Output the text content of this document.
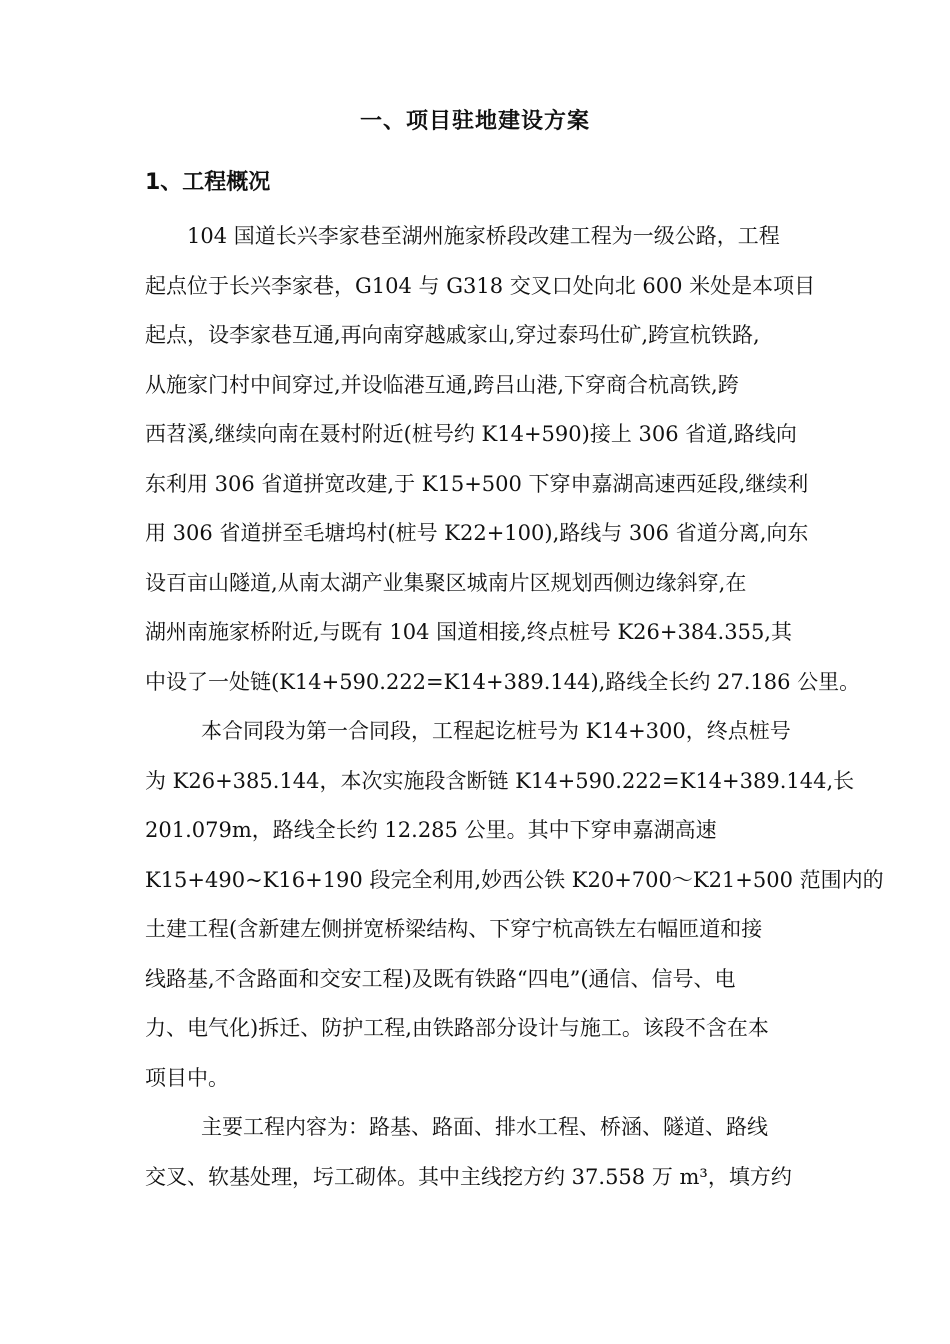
一、项目驻地建设方案
1、工程概况
104 国道长兴李家巷至湖州施家桥段改建工程为一级公路，工程
起点位于长兴李家巷，G104 与 G318 交叉口处向北 600 米处是本项目
起点，设李家巷互通,再向南穿越戚家山,穿过泰玛仕矿,跨宣杭铁路,
从施家门村中间穿过,并设临港互通,跨吕山港,下穿商合杭高铁,跨
西苕溪,继续向南在聂村附近(桩号约 K14+590)接上 306 省道,路线向
东利用 306 省道拼宽改建,于 K15+500 下穿申嘉湖高速西延段,继续利
用 306 省道拼至毛塘坞村(桩号 K22+100),路线与 306 省道分离,向东
设百亩山隧道,从南太湖产业集聚区城南片区规划西侧边缘斜穿,在
湖州南施家桥附近,与既有 104 国道相接,终点桩号 K26+384.355,其
中设了一处链(K14+590.222=K14+389.144),路线全长约 27.186 公里。
本合同段为第一合同段，工程起讫桩号为 K14+300，终点桩号
为 K26+385.144，本次实施段含断链 K14+590.222=K14+389.144,长
201.079m，路线全长约 12.285 公里。其中下穿申嘉湖高速
K15+490~K16+190 段完全利用,妙西公铁 K20+700～K21+500 范围内的
土建工程(含新建左侧拼宽桥梁结构、下穿宁杭高铁左右幅匝道和接
线路基,不含路面和交安工程)及既有铁路“四电”(通信、信号、电
力、电气化)拆迁、防护工程,由铁路部分设计与施工。该段不含在本
项目中。
主要工程内容为：路基、路面、排水工程、桥涵、隧道、路线
交叉、软基处理，圬工砌体。其中主线挖方约 37.558 万 m³，填方约
